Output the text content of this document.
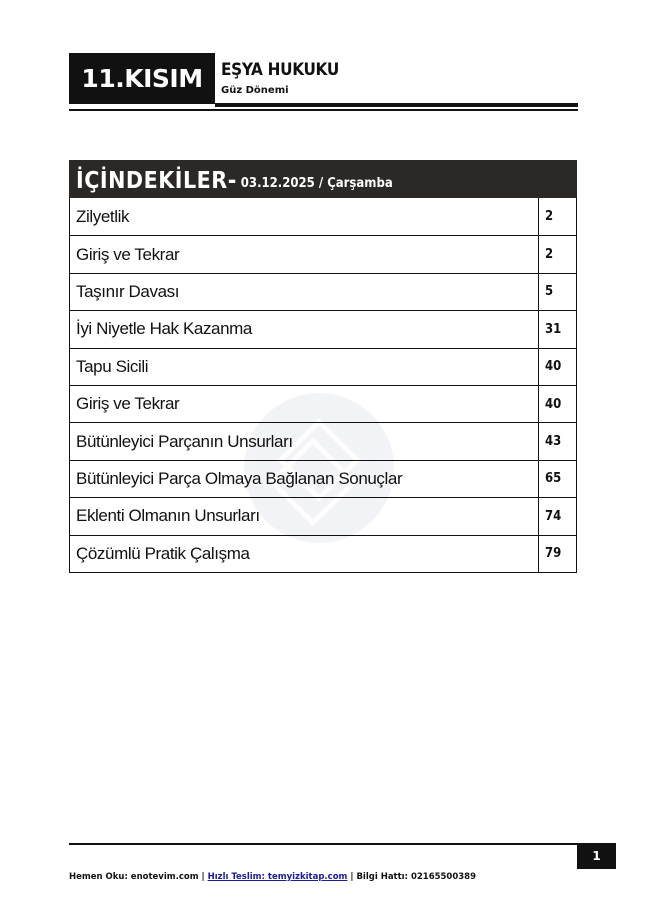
11.KISIM	EŞYA HUKUKU
Güz Dönemi
İÇİNDEKİLER- 03.12.2025 / Çarşamba
Zilyetlik	2
Giriş ve Tekrar	2
Taşınır Davası	5
İyi Niyetle Hak Kazanma	31
Tapu Sicili	40
Giriş ve Tekrar	40
Bütünleyici Parçanın Unsurları	43
Bütünleyici Parça Olmaya Bağlanan Sonuçlar	65
Eklenti Olmanın Unsurları	74
Çözümlü Pratik Çalışma	79
1
Hemen Oku: enotevim.com | Hızlı Teslim: temyizkitap.com | Bilgi Hattı: 02165500389
